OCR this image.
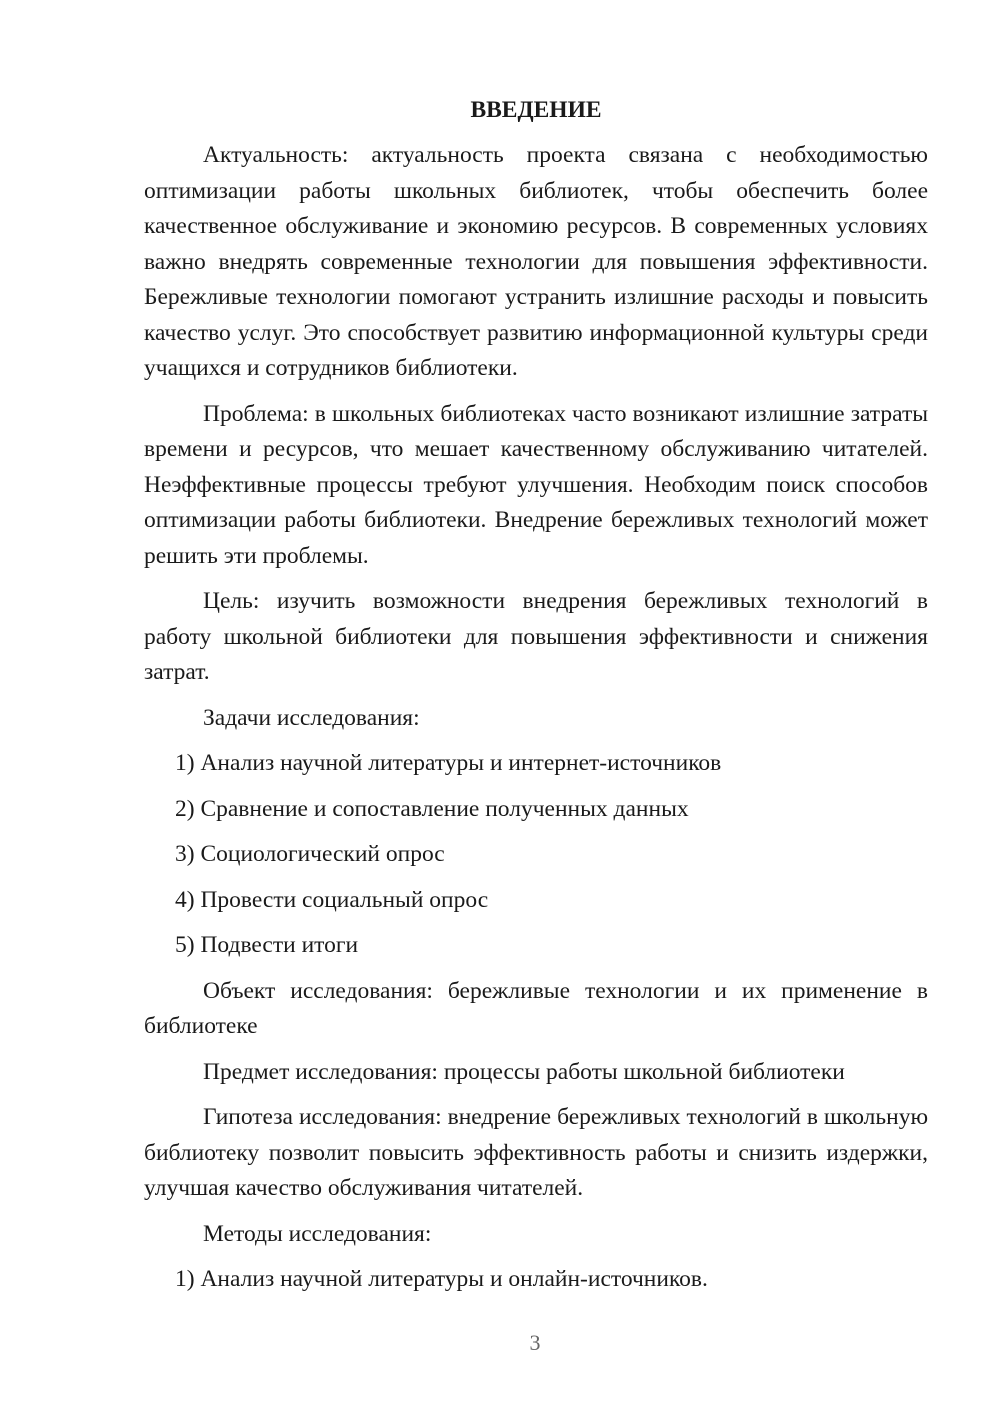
ВВЕДЕНИЕ

Актуальность: актуальность проекта связана с необходимостью оптимизации работы школьных библиотек, чтобы обеспечить более качественное обслуживание и экономию ресурсов. В современных условиях важно внедрять современные технологии для повышения эффективности. Бережливые технологии помогают устранить излишние расходы и повысить качество услуг. Это способствует развитию информационной культуры среди учащихся и сотрудников библиотеки.

Проблема: в школьных библиотеках часто возникают излишние затраты времени и ресурсов, что мешает качественному обслуживанию читателей. Неэффективные процессы требуют улучшения. Необходим поиск способов оптимизации работы библиотеки. Внедрение бережливых технологий может решить эти проблемы.

Цель: изучить возможности внедрения бережливых технологий в работу школьной библиотеки для повышения эффективности и снижения затрат.

Задачи исследования:

1) Анализ научной литературы и интернет-источников
2) Сравнение и сопоставление полученных данных
3) Социологический опрос
4) Провести социальный опрос
5) Подвести итоги

Объект исследования: бережливые технологии и их применение в библиотеке

Предмет исследования: процессы работы школьной библиотеки

Гипотеза исследования: внедрение бережливых технологий в школьную библиотеку позволит повысить эффективность работы и снизить издержки, улучшая качество обслуживания читателей.

Методы исследования:

1) Анализ научной литературы и онлайн-источников.
3
